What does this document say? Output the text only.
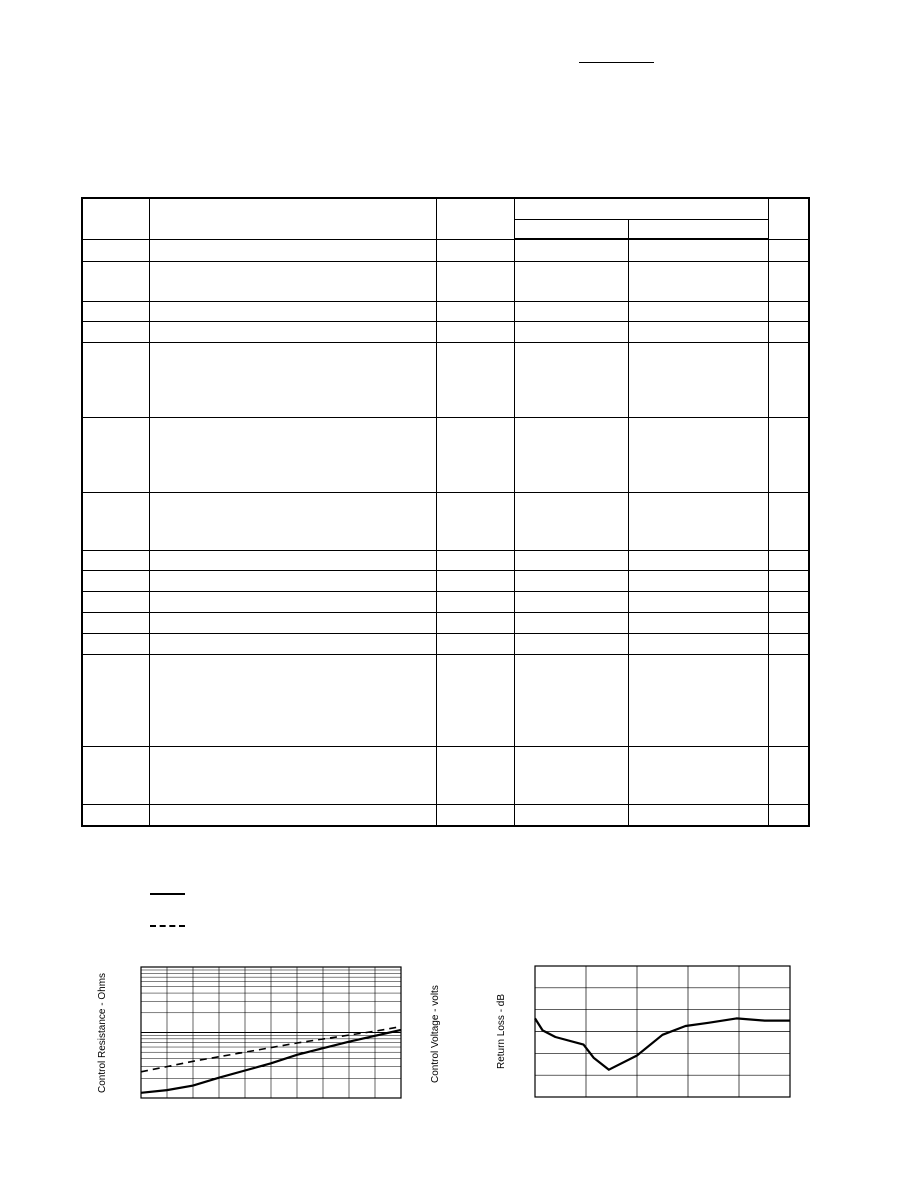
Control Resistance - Ohms	Control Voltage - volts	Return Loss - dB
